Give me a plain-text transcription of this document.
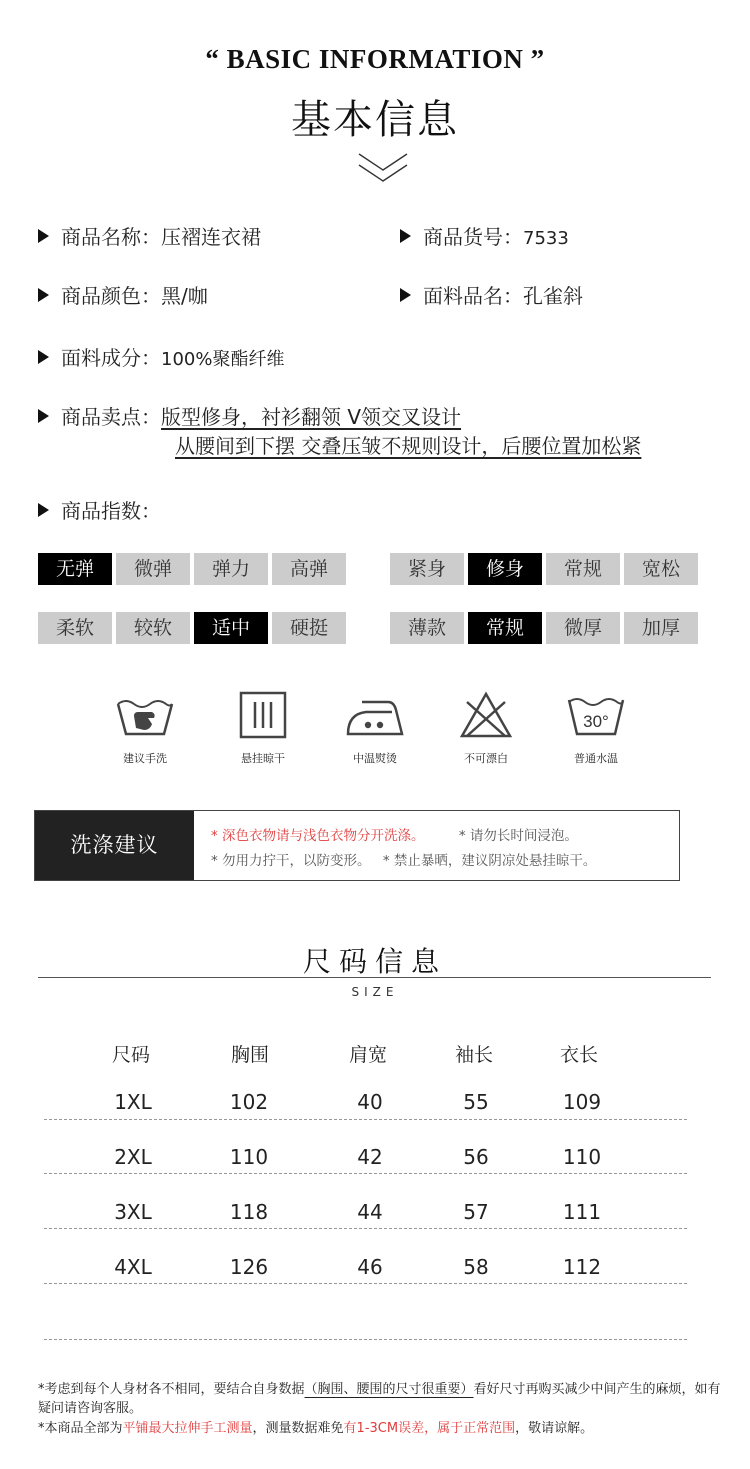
“ BASIC INFORMATION ”
基本信息
商品名称：压褶连衣裙	商品货号：7533
商品颜色：黑/咖	面料品名：孔雀斜
面料成分：100%聚酯纤维
商品卖点：版型修身，衬衫翻领 V领交叉设计
从腰间到下摆 交叠压皱不规则设计，后腰位置加松紧
商品指数：
无弹	微弹	弹力	高弹	紧身	修身	常规	宽松
柔软	较软	适中	硬挺	薄款	常规	微厚	加厚
建议手洗	悬挂晾干	中温熨烫	不可漂白
30°
普通水温
洗涤建议	* 深色衣物请与浅色衣物分开洗涤。	* 请勿长时间浸泡。
* 勿用力拧干，以防变形。 * 禁止暴晒，建议阴凉处悬挂晾干。
尺码信息
SIZE
尺码	胸围	肩宽	袖长	衣长
1XL	102	40	55	109
2XL	110	42	56	110
3XL	118	44	57	111
4XL	126	46	58	112
*考虑到每个人身材各不相同，要结合自身数据（胸围、腰围的尺寸很重要）看好尺寸再购买减少中间产生的麻烦，如有疑问请咨询客服。
*本商品全部为平铺最大拉伸手工测量，测量数据难免有1-3CM误差，属于正常范围，敬请谅解。
